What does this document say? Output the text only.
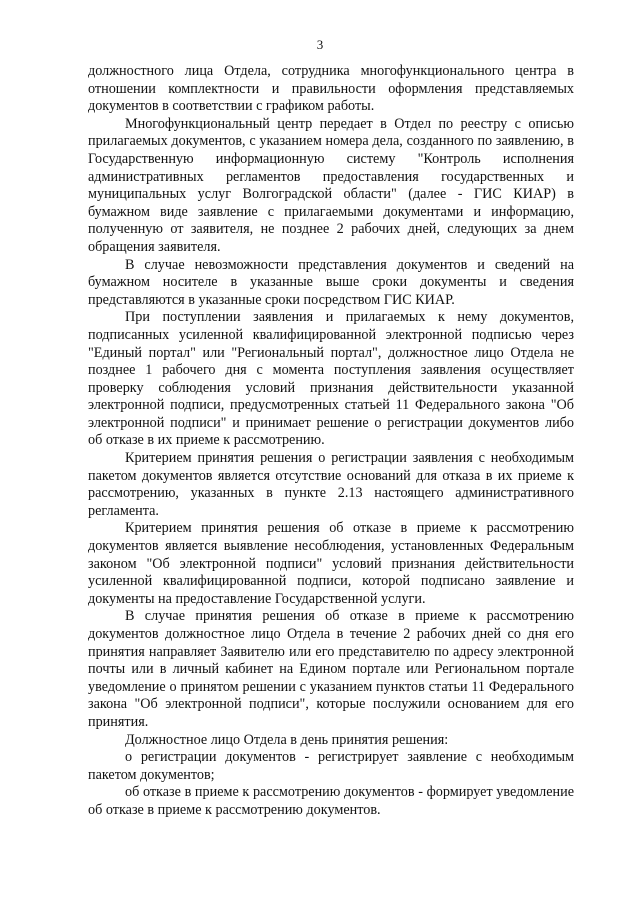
3

должностного лица Отдела, сотрудника многофункционального центра в отношении комплектности и правильности оформления представляемых документов в соответствии с графиком работы.

Многофункциональный центр передает в Отдел по реестру с описью прилагаемых документов, с указанием номера дела, созданного по заявлению, в Государственную информационную систему "Контроль исполнения административных регламентов предоставления государственных и муниципальных услуг Волгоградской области" (далее - ГИС КИАР) в бумажном виде заявление с прилагаемыми документами и информацию, полученную от заявителя, не позднее 2 рабочих дней, следующих за днем обращения заявителя.

В случае невозможности представления документов и сведений на бумажном носителе в указанные выше сроки документы и сведения представляются в указанные сроки посредством ГИС КИАР.

При поступлении заявления и прилагаемых к нему документов, подписанных усиленной квалифицированной электронной подписью через "Единый портал" или "Региональный портал", должностное лицо Отдела не позднее 1 рабочего дня с момента поступления заявления осуществляет проверку соблюдения условий признания действительности указанной электронной подписи, предусмотренных статьей 11 Федерального закона "Об электронной подписи" и принимает решение о регистрации документов либо об отказе в их приеме к рассмотрению.

Критерием принятия решения о регистрации заявления с необходимым пакетом документов является отсутствие оснований для отказа в их приеме к рассмотрению, указанных в пункте 2.13 настоящего административного регламента.

Критерием принятия решения об отказе в приеме к рассмотрению документов является выявление несоблюдения, установленных Федеральным законом "Об электронной подписи" условий признания действительности усиленной квалифицированной подписи, которой подписано заявление и документы на предоставление Государственной услуги.

В случае принятия решения об отказе в приеме к рассмотрению документов должностное лицо Отдела в течение 2 рабочих дней со дня его принятия направляет Заявителю или его представителю по адресу электронной почты или в личный кабинет на Едином портале или Региональном портале уведомление о принятом решении с указанием пунктов статьи 11 Федерального закона "Об электронной подписи", которые послужили основанием для его принятия.

Должностное лицо Отдела в день принятия решения:

о регистрации документов - регистрирует заявление с необходимым пакетом документов;

об отказе в приеме к рассмотрению документов - формирует уведомление об отказе в приеме к рассмотрению документов.
